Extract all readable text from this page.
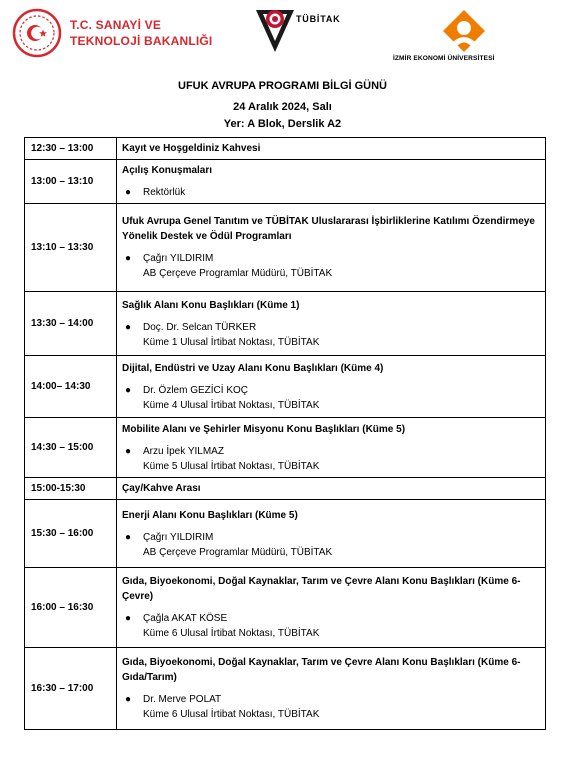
T.C. SANAYİ VE
TEKNOLOJİ BAKANLIĞI
TÜBİTAK
İZMİR EKONOMİ ÜNİVERSİTESİ
UFUK AVRUPA PROGRAMI BİLGİ GÜNÜ
24 Aralık 2024, Salı
Yer: A Blok, Derslik A2
12:30 – 13:00	Kayıt ve Hoşgeldiniz Kahvesi

13:00 – 13:10	Açılış Konuşmaları
● Rektörlük

13:10 – 13:30	Ufuk Avrupa Genel Tanıtım ve TÜBİTAK Uluslararası İşbirliklerine Katılımı Özendirmeye
Yönelik Destek ve Ödül Programları
● Çağrı YILDIRIM
AB Çerçeve Programlar Müdürü, TÜBİTAK

13:30 – 14:00	Sağlık Alanı Konu Başlıkları (Küme 1)
● Doç. Dr. Selcan TÜRKER
Küme 1 Ulusal İrtibat Noktası, TÜBİTAK

14:00– 14:30	Dijital, Endüstri ve Uzay Alanı Konu Başlıkları (Küme 4)
● Dr. Özlem GEZİCİ KOÇ
Küme 4 Ulusal İrtibat Noktası, TÜBİTAK

14:30 – 15:00	Mobilite Alanı ve Şehirler Misyonu Konu Başlıkları (Küme 5)
● Arzu İpek YILMAZ
Küme 5 Ulusal İrtibat Noktası, TÜBİTAK

15:00-15:30	Çay/Kahve Arası

15:30 – 16:00	Enerji Alanı Konu Başlıkları (Küme 5)
● Çağrı YILDIRIM
AB Çerçeve Programlar Müdürü, TÜBİTAK

16:00 – 16:30	Gıda, Biyoekonomi, Doğal Kaynaklar, Tarım ve Çevre Alanı Konu Başlıkları (Küme 6-
Çevre)
● Çağla AKAT KÖSE
Küme 6 Ulusal İrtibat Noktası, TÜBİTAK

16:30 – 17:00	Gıda, Biyoekonomi, Doğal Kaynaklar, Tarım ve Çevre Alanı Konu Başlıkları (Küme 6-
Gıda/Tarım)
● Dr. Merve POLAT
Küme 6 Ulusal İrtibat Noktası, TÜBİTAK
